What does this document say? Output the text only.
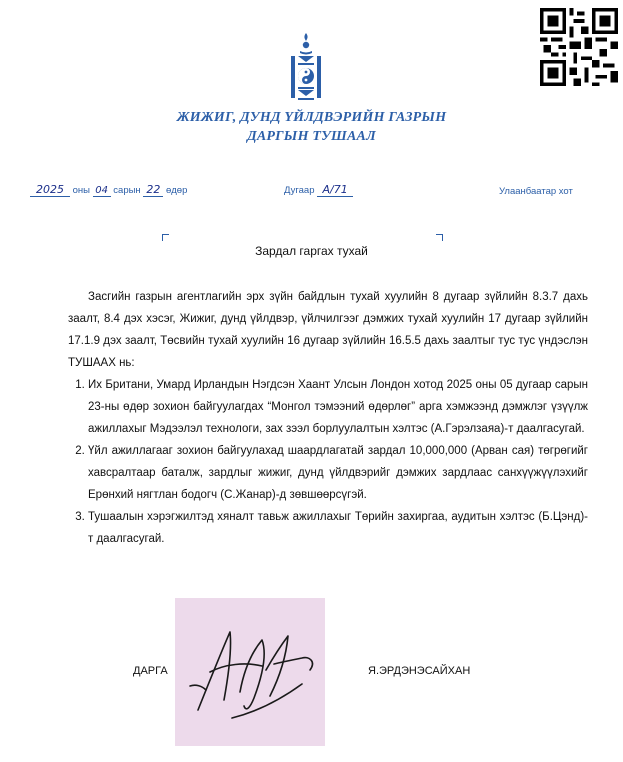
ЖИЖИГ, ДУНД ҮЙЛДВЭРИЙН ГАЗРЫН
ДАРГЫН ТУШААЛ
2025 оны 04 сарын 22 өдөр	Дугаар А/71	Улаанбаатар хот
Зардал гаргах тухай

Засгийн газрын агентлагийн эрх зүйн байдлын тухай хуулийн 8 дугаар зүйлийн 8.3.7 дахь заалт, 8.4 дэх хэсэг, Жижиг, дунд үйлдвэр, үйлчилгээг дэмжих тухай хуулийн 17 дугаар зүйлийн 17.1.9 дэх заалт, Төсвийн тухай хуулийн 16 дугаар зүйлийн 16.5.5 дахь заалтыг тус тус үндэслэн ТУШААХ нь:

1. Их Британи, Умард Ирландын Нэгдсэн Хаант Улсын Лондон хотод 2025 оны 05 дугаар сарын 23-ны өдөр зохион байгуулагдах “Монгол тэмээний өдөрлөг” арга хэмжээнд дэмжлэг үзүүлж ажиллахыг Мэдээлэл технологи, зах зээл борлуулалтын хэлтэс (А.Гэрэлзаяа)-т даалгасугай.
2. Үйл ажиллагааг зохион байгуулахад шаардлагатай зардал 10,000,000 (Арван сая) төгрөгийг хавсралтаар баталж, зардлыг жижиг, дунд үйлдвэрийг дэмжих зардлаас санхүүжүүлэхийг Ерөнхий нягтлан бодогч (С.Жанар)-д зөвшөөрсүгэй.
3. Тушаалын хэрэгжилтэд хяналт тавьж ажиллахыг Төрийн захиргаа, аудитын хэлтэс (Б.Цэнд)-т даалгасугай.
ДАРГА	Я.ЭРДЭНЭСАЙХАН
